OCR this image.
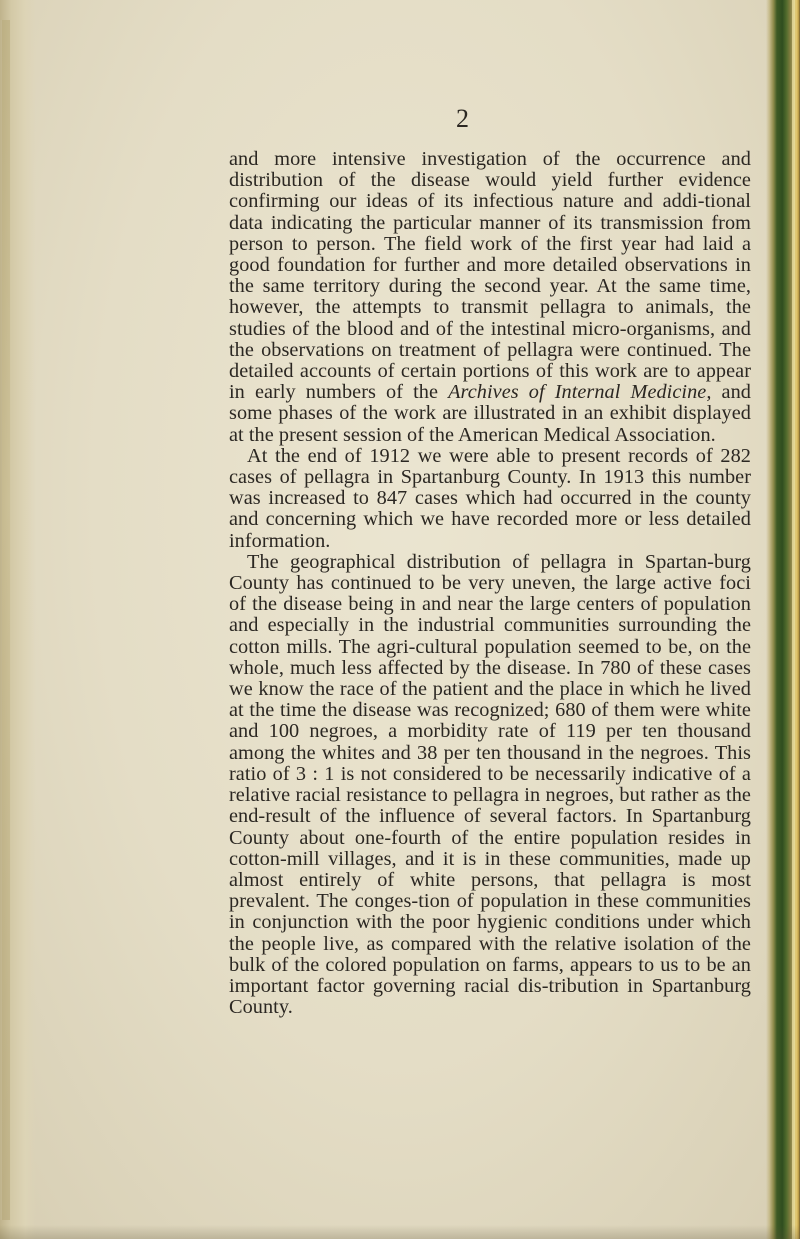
2

and more intensive investigation of the occurrence and distribution of the disease would yield further evidence confirming our ideas of its infectious nature and addi-tional data indicating the particular manner of its transmission from person to person. The field work of the first year had laid a good foundation for further and more detailed observations in the same territory during the second year. At the same time, however, the attempts to transmit pellagra to animals, the studies of the blood and of the intestinal micro-organisms, and the observations on treatment of pellagra were continued. The detailed accounts of certain portions of this work are to appear in early numbers of the Archives of Internal Medicine, and some phases of the work are illustrated in an exhibit displayed at the present session of the American Medical Association.

At the end of 1912 we were able to present records of 282 cases of pellagra in Spartanburg County. In 1913 this number was increased to 847 cases which had occurred in the county and concerning which we have recorded more or less detailed information.

The geographical distribution of pellagra in Spartan-burg County has continued to be very uneven, the large active foci of the disease being in and near the large centers of population and especially in the industrial communities surrounding the cotton mills. The agri-cultural population seemed to be, on the whole, much less affected by the disease. In 780 of these cases we know the race of the patient and the place in which he lived at the time the disease was recognized; 680 of them were white and 100 negroes, a morbidity rate of 119 per ten thousand among the whites and 38 per ten thousand in the negroes. This ratio of 3 : 1 is not considered to be necessarily indicative of a relative racial resistance to pellagra in negroes, but rather as the end-result of the influence of several factors. In Spartanburg County about one-fourth of the entire population resides in cotton-mill villages, and it is in these communities, made up almost entirely of white persons, that pellagra is most prevalent. The conges-tion of population in these communities in conjunction with the poor hygienic conditions under which the people live, as compared with the relative isolation of the bulk of the colored population on farms, appears to us to be an important factor governing racial dis-tribution in Spartanburg County.
